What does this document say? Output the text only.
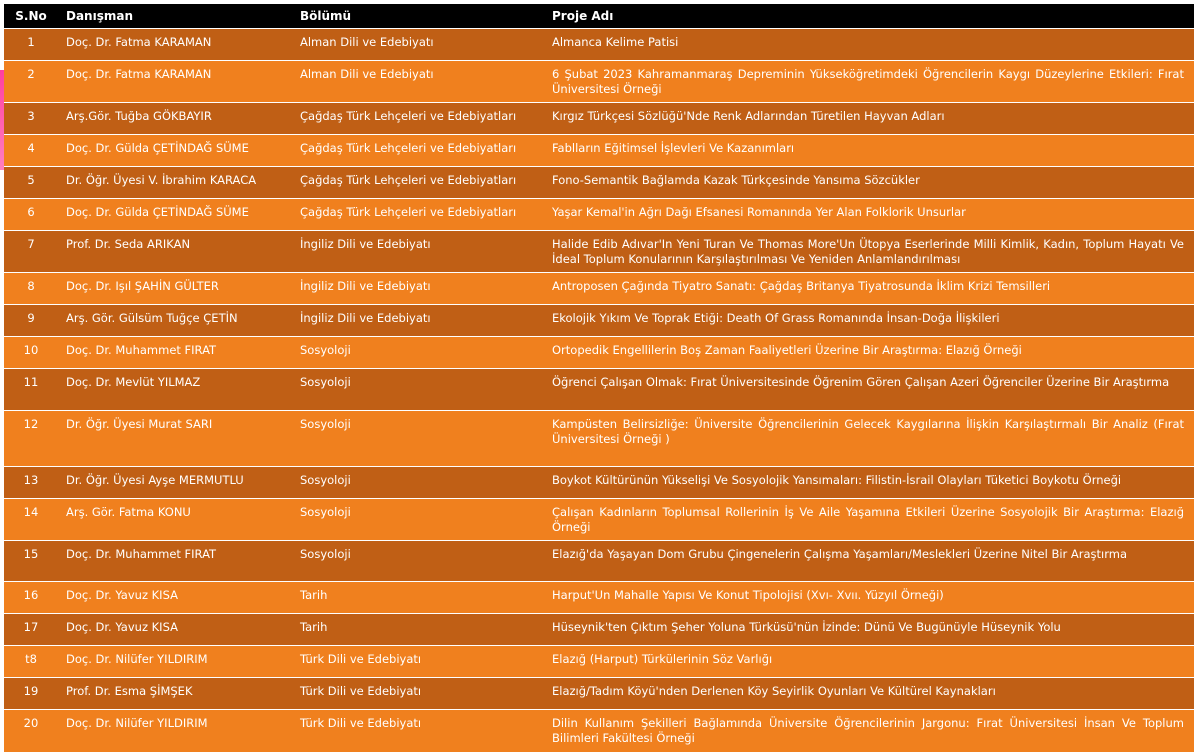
S.No	Danışman	Bölümü	Proje Adı
1	Doç. Dr. Fatma KARAMAN	Alman Dili ve Edebiyatı	Almanca Kelime Patisi
2	Doç. Dr. Fatma KARAMAN	Alman Dili ve Edebiyatı	6 Şubat 2023 Kahramanmaraş Depreminin Yükseköğretimdeki Öğrencilerin Kaygı Düzeylerine Etkileri: Fırat Üniversitesi Örneği
3	Arş.Gör. Tuğba GÖKBAYIR	Çağdaş Türk Lehçeleri ve Edebiyatları	Kırgız Türkçesi Sözlüğü'Nde Renk Adlarından Türetilen Hayvan Adları
4	Doç. Dr. Gülda ÇETİNDAĞ SÜME	Çağdaş Türk Lehçeleri ve Edebiyatları	Fablların Eğitimsel İşlevleri Ve Kazanımları
5	Dr. Öğr. Üyesi V. İbrahim KARACA	Çağdaş Türk Lehçeleri ve Edebiyatları	Fono-Semantik Bağlamda Kazak Türkçesinde Yansıma Sözcükler
6	Doç. Dr. Gülda ÇETİNDAĞ SÜME	Çağdaş Türk Lehçeleri ve Edebiyatları	Yaşar Kemal'in Ağrı Dağı Efsanesi Romanında Yer Alan Folklorik Unsurlar
7	Prof. Dr. Seda ARIKAN	İngiliz Dili ve Edebiyatı	Halide Edib Adıvar'In Yeni Turan Ve Thomas More'Un Ütopya Eserlerinde Milli Kimlik, Kadın, Toplum Hayatı Ve İdeal Toplum Konularının Karşılaştırılması Ve Yeniden Anlamlandırılması
8	Doç. Dr. Işıl ŞAHİN GÜLTER	İngiliz Dili ve Edebiyatı	Antroposen Çağında Tiyatro Sanatı: Çağdaş Britanya Tiyatrosunda İklim Krizi Temsilleri
9	Arş. Gör. Gülsüm Tuğçe ÇETİN	İngiliz Dili ve Edebiyatı	Ekolojik Yıkım Ve Toprak Etiği: Death Of Grass Romanında İnsan-Doğa İlişkileri
10	Doç. Dr. Muhammet FIRAT	Sosyoloji	Ortopedik Engellilerin Boş Zaman Faaliyetleri Üzerine Bir Araştırma: Elazığ Örneği
11	Doç. Dr. Mevlüt YILMAZ	Sosyoloji	Öğrenci Çalışan Olmak: Fırat Üniversitesinde Öğrenim Gören Çalışan Azeri Öğrenciler Üzerine Bir Araştırma
12	Dr. Öğr. Üyesi Murat SARI	Sosyoloji	Kampüsten Belirsizliğe: Üniversite Öğrencilerinin Gelecek Kaygılarına İlişkin Karşılaştırmalı Bir Analiz (Fırat Üniversitesi Örneği )
13	Dr. Öğr. Üyesi Ayşe MERMUTLU	Sosyoloji	Boykot Kültürünün Yükselişi Ve Sosyolojik Yansımaları: Filistin-İsrail Olayları Tüketici Boykotu Örneği
14	Arş. Gör. Fatma KONU	Sosyoloji	Çalışan Kadınların Toplumsal Rollerinin İş Ve Aile Yaşamına Etkileri Üzerine Sosyolojik Bir Araştırma: Elazığ Örneği
15	Doç. Dr. Muhammet FIRAT	Sosyoloji	Elazığ'da Yaşayan Dom Grubu Çingenelerin Çalışma Yaşamları/Meslekleri Üzerine Nitel Bir Araştırma
16	Doç. Dr. Yavuz KISA	Tarih	Harput'Un Mahalle Yapısı Ve Konut Tipolojisi (Xvı- Xvıı. Yüzyıl Örneği)
17	Doç. Dr. Yavuz KISA	Tarih	Hüseynik'ten Çıktım Şeher Yoluna Türküsü'nün İzinde: Dünü Ve Bugünüyle Hüseynik Yolu
t8	Doç. Dr. Nilüfer YILDIRIM	Türk Dili ve Edebiyatı	Elazığ (Harput) Türkülerinin Söz Varlığı
19	Prof. Dr. Esma ŞİMŞEK	Türk Dili ve Edebiyatı	Elazığ/Tadım Köyü'nden Derlenen Köy Seyirlik Oyunları Ve Kültürel Kaynakları
20	Doç. Dr. Nilüfer YILDIRIM	Türk Dili ve Edebiyatı	Dilin Kullanım Şekilleri Bağlamında Üniversite Öğrencilerinin Jargonu: Fırat Üniversitesi İnsan Ve Toplum Bilimleri Fakültesi Örneği
